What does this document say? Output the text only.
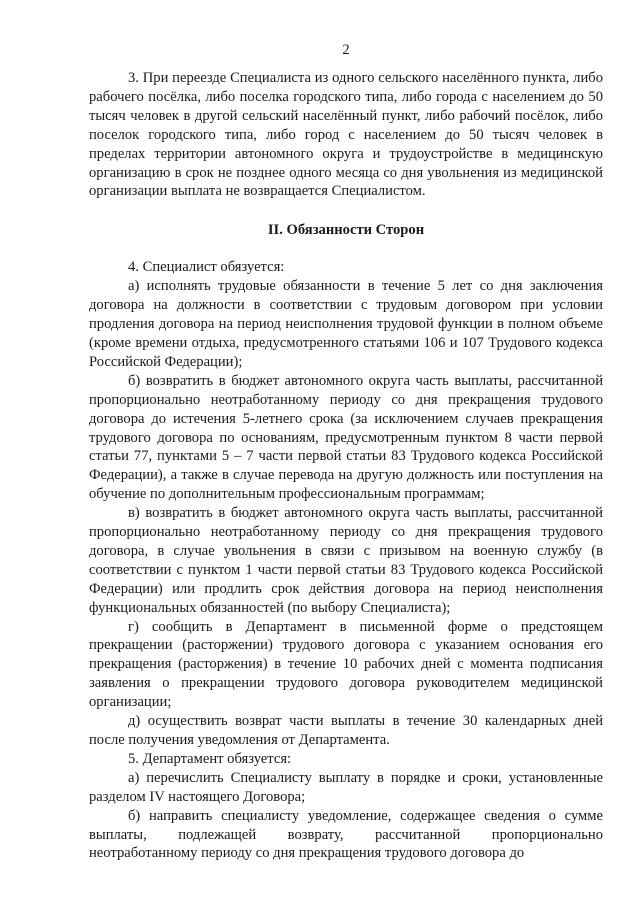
2

3. При переезде Специалиста из одного сельского населённого пункта, либо рабочего посёлка, либо поселка городского типа, либо города с населением до 50 тысяч человек в другой сельский населённый пункт, либо рабочий посёлок, либо поселок городского типа, либо город с населением до 50 тысяч человек в пределах территории автономного округа и трудоустройстве в медицинскую организацию в срок не позднее одного месяца со дня увольнения из медицинской организации выплата не возвращается Специалистом.

II. Обязанности Сторон

4. Специалист обязуется:

а) исполнять трудовые обязанности в течение 5 лет со дня заключения договора на должности в соответствии с трудовым договором при условии продления договора на период неисполнения трудовой функции в полном объеме (кроме времени отдыха, предусмотренного статьями 106 и 107 Трудового кодекса Российской Федерации);

б) возвратить в бюджет автономного округа часть выплаты, рассчитанной пропорционально неотработанному периоду со дня прекращения трудового договора до истечения 5-летнего срока (за исключением случаев прекращения трудового договора по основаниям, предусмотренным пунктом 8 части первой статьи 77, пунктами 5 – 7 части первой статьи 83 Трудового кодекса Российской Федерации), а также в случае перевода на другую должность или поступления на обучение по дополнительным профессиональным программам;

в) возвратить в бюджет автономного округа часть выплаты, рассчитанной пропорционально неотработанному периоду со дня прекращения трудового договора, в случае увольнения в связи с призывом на военную службу (в соответствии с пунктом 1 части первой статьи 83 Трудового кодекса Российской Федерации) или продлить срок действия договора на период неисполнения функциональных обязанностей (по выбору Специалиста);

г) сообщить в Департамент в письменной форме о предстоящем прекращении (расторжении) трудового договора с указанием основания его прекращения (расторжения) в течение 10 рабочих дней с момента подписания заявления о прекращении трудового договора руководителем медицинской организации;

д) осуществить возврат части выплаты в течение 30 календарных дней после получения уведомления от Департамента.

5. Департамент обязуется:

а) перечислить Специалисту выплату в порядке и сроки, установленные разделом IV настоящего Договора;

б) направить специалисту уведомление, содержащее сведения о сумме выплаты, подлежащей возврату, рассчитанной пропорционально неотработанному периоду со дня прекращения трудового договора до
